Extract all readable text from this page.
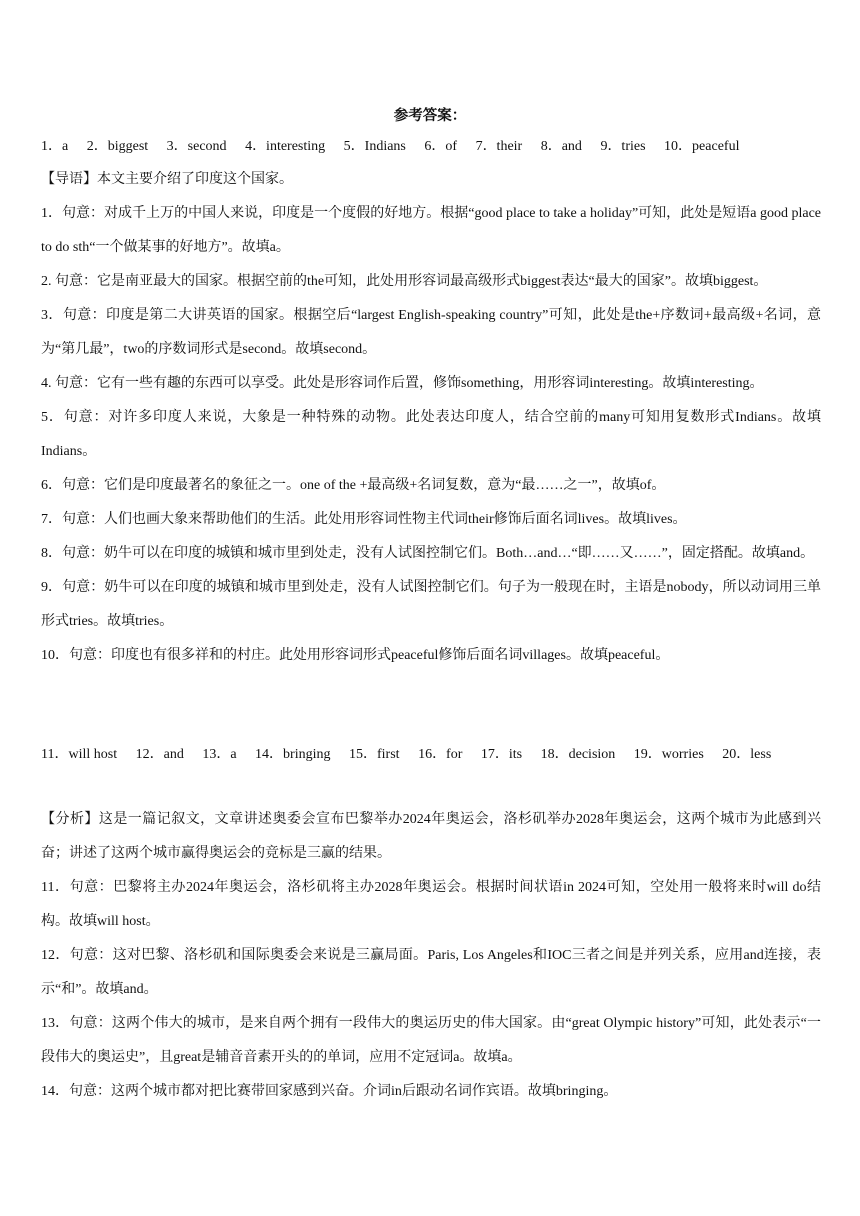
参考答案：
1．a 2．biggest 3．second 4．interesting 5．Indians 6．of 7．their 8．and 9．tries 10．peaceful

【导语】本文主要介绍了印度这个国家。

1．句意：对成千上万的中国人来说，印度是一个度假的好地方。根据“good place to take a holiday”可知，此处是短语a good place to do sth“一个做某事的好地方”。故填a。

2. 句意：它是南亚最大的国家。根据空前的the可知，此处用形容词最高级形式biggest表达“最大的国家”。故填biggest。

3．句意：印度是第二大讲英语的国家。根据空后“largest English-speaking country”可知，此处是the+序数词+最高级+名词，意为“第几最”，two的序数词形式是second。故填second。

4. 句意：它有一些有趣的东西可以享受。此处是形容词作后置，修饰something，用形容词interesting。故填interesting。

5．句意：对许多印度人来说，大象是一种特殊的动物。此处表达印度人，结合空前的many可知用复数形式Indians。故填Indians。

6．句意：它们是印度最著名的象征之一。one of the +最高级+名词复数，意为“最……之一”，故填of。

7．句意：人们也画大象来帮助他们的生活。此处用形容词性物主代词their修饰后面名词lives。故填lives。

8．句意：奶牛可以在印度的城镇和城市里到处走，没有人试图控制它们。Both…and…“即……又……”，固定搭配。故填and。

9．句意：奶牛可以在印度的城镇和城市里到处走，没有人试图控制它们。句子为一般现在时，主语是nobody，所以动词用三单形式tries。故填tries。

10．句意：印度也有很多祥和的村庄。此处用形容词形式peaceful修饰后面名词villages。故填peaceful。

11．will host 12．and 13．a 14．bringing 15．first 16．for 17．its 18．decision 19．worries 20．less

【分析】这是一篇记叙文，文章讲述奥委会宣布巴黎举办2024年奥运会，洛杉矶举办2028年奥运会，这两个城市为此感到兴奋；讲述了这两个城市赢得奥运会的竞标是三赢的结果。

11．句意：巴黎将主办2024年奥运会，洛杉矶将主办2028年奥运会。根据时间状语in 2024可知，空处用一般将来时will do结构。故填will host。

12．句意：这对巴黎、洛杉矶和国际奥委会来说是三赢局面。Paris, Los Angeles和IOC三者之间是并列关系，应用and连接，表示“和”。故填and。

13．句意：这两个伟大的城市，是来自两个拥有一段伟大的奥运历史的伟大国家。由“great Olympic history”可知，此处表示“一段伟大的奥运史”，且great是辅音音素开头的的单词，应用不定冠词a。故填a。

14．句意：这两个城市都对把比赛带回家感到兴奋。介词in后跟动名词作宾语。故填bringing。
